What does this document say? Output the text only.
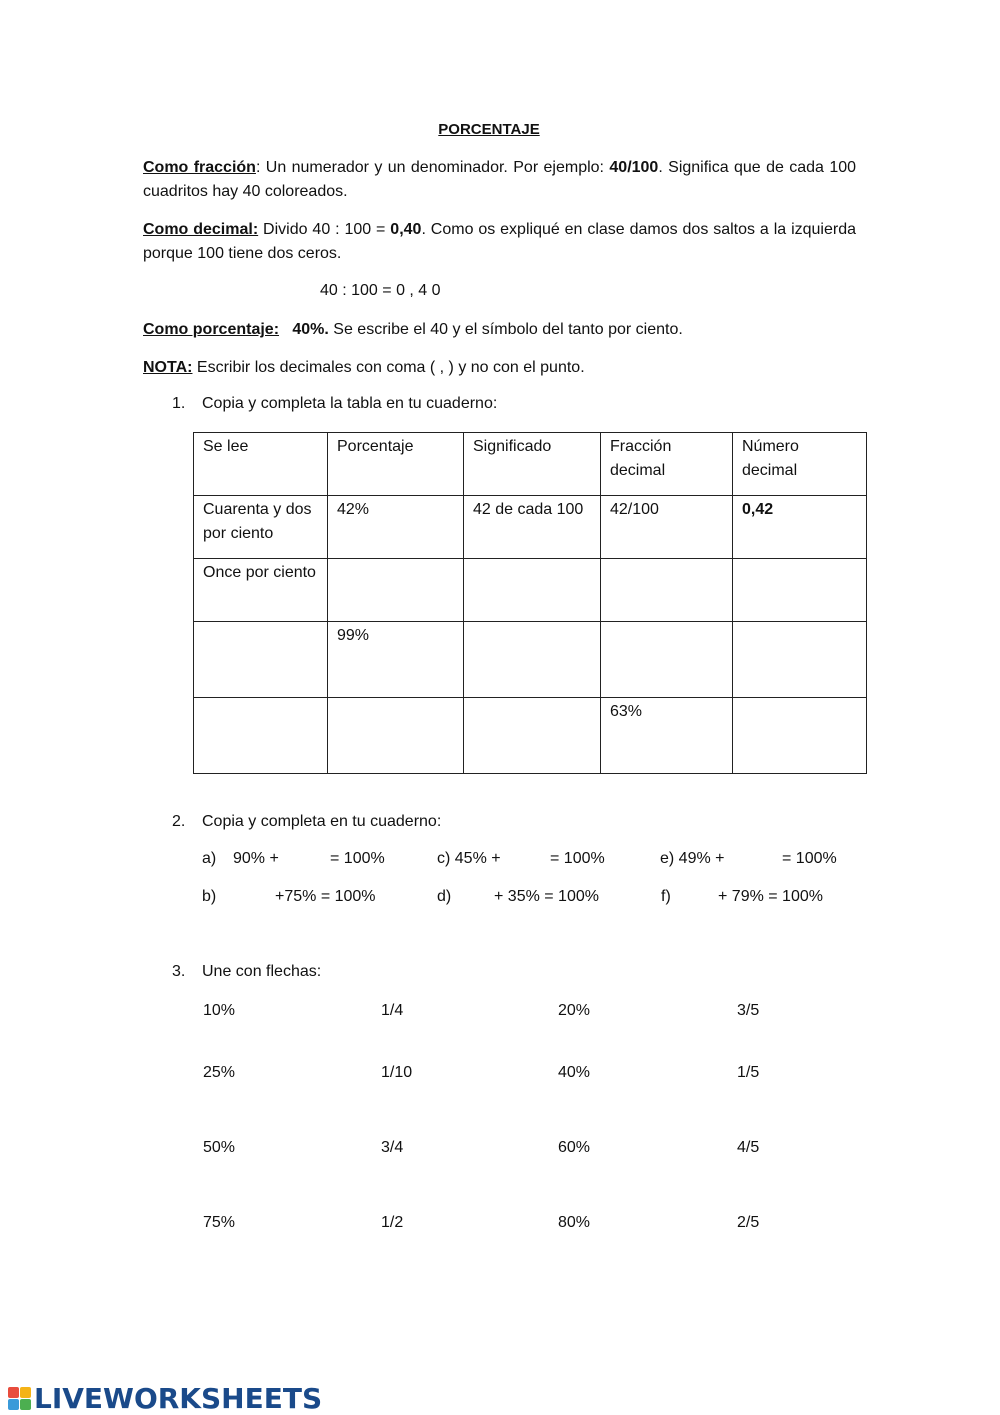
PORCENTAJE
Como fracción: Un numerador y un denominador. Por ejemplo: 40/100. Significa que de cada 100 cuadritos hay 40 coloreados.
Como decimal: Divido 40 : 100 = 0,40. Como os expliqué en clase damos dos saltos a la izquierda porque 100 tiene dos ceros.
40 : 100 = 0 , 4 0
Como porcentaje: 40%. Se escribe el 40 y el símbolo del tanto por ciento.
NOTA: Escribir los decimales con coma ( , ) y no con el punto.
1. Copia y completa la tabla en tu cuaderno:
Se lee	Porcentaje	Significado	Fracción decimal	Número decimal
Cuarenta y dos por ciento	42%	42 de cada 100	42/100	0,42
Once por ciento				
	99%			
			63%	
2. Copia y completa en tu cuaderno:
a) 90% +	= 100%	c) 45% +	= 100%	e) 49% +	= 100%
b)	+75% = 100%	d)	+ 35% = 100%	f)	+ 79% = 100%
3. Une con flechas:
10%	1/4	20%	3/5
25%	1/10	40%	1/5
50%	3/4	60%	4/5
75%	1/2	80%	2/5
LIVEWORKSHEETS
